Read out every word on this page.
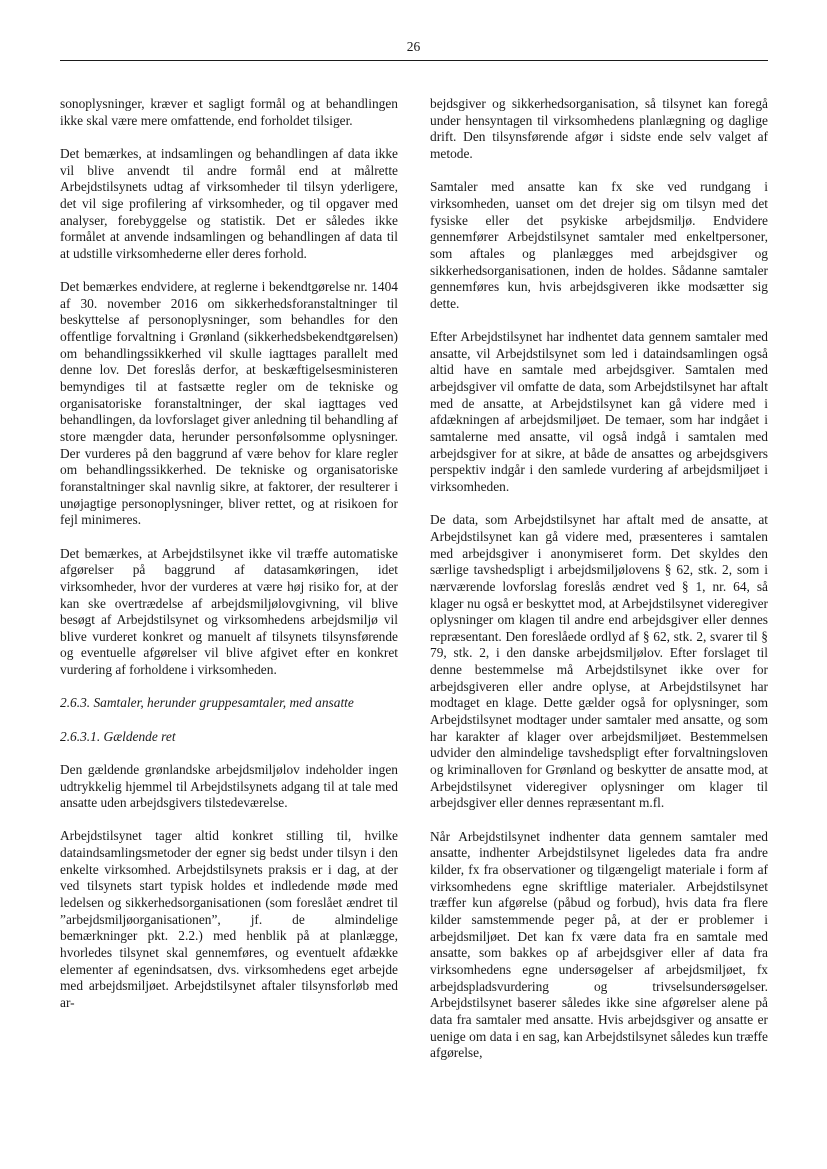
26

sonoplysninger, kræver et sagligt formål og at behandlingen ikke skal være mere omfattende, end forholdet tilsiger.

Det bemærkes, at indsamlingen og behandlingen af data ikke vil blive anvendt til andre formål end at målrette Arbejdstilsynets udtag af virksomheder til tilsyn yderligere, det vil sige profilering af virksomheder, og til opgaver med analyser, forebyggelse og statistik. Det er således ikke formålet at anvende indsamlingen og behandlingen af data til at udstille virksomhederne eller deres forhold.

Det bemærkes endvidere, at reglerne i bekendtgørelse nr. 1404 af 30. november 2016 om sikkerhedsforanstaltninger til beskyttelse af personoplysninger, som behandles for den offentlige forvaltning i Grønland (sikkerhedsbekendtgørelsen) om behandlingssikkerhed vil skulle iagttages parallelt med denne lov. Det foreslås derfor, at beskæftigelsesministeren bemyndiges til at fastsætte regler om de tekniske og organisatoriske foranstaltninger, der skal iagttages ved behandlingen, da lovforslaget giver anledning til behandling af store mængder data, herunder personfølsomme oplysninger. Der vurderes på den baggrund af være behov for klare regler om behandlingssikkerhed. De tekniske og organisatoriske foranstaltninger skal navnlig sikre, at faktorer, der resulterer i unøjagtige personoplysninger, bliver rettet, og at risikoen for fejl minimeres.

Det bemærkes, at Arbejdstilsynet ikke vil træffe automatiske afgørelser på baggrund af datasamkøringen, idet virksomheder, hvor der vurderes at være høj risiko for, at der kan ske overtrædelse af arbejdsmiljølovgivning, vil blive besøgt af Arbejdstilsynet og virksomhedens arbejdsmiljø vil blive vurderet konkret og manuelt af tilsynets tilsynsførende og eventuelle afgørelser vil blive afgivet efter en konkret vurdering af forholdene i virksomheden.

2.6.3. Samtaler, herunder gruppesamtaler, med ansatte

2.6.3.1. Gældende ret

Den gældende grønlandske arbejdsmiljølov indeholder ingen udtrykkelig hjemmel til Arbejdstilsynets adgang til at tale med ansatte uden arbejdsgivers tilstedeværelse.

Arbejdstilsynet tager altid konkret stilling til, hvilke dataindsamlingsmetoder der egner sig bedst under tilsyn i den enkelte virksomhed. Arbejdstilsynets praksis er i dag, at der ved tilsynets start typisk holdes et indledende møde med ledelsen og sikkerhedsorganisationen (som foreslået ændret til ”arbejdsmiljøorganisationen”, jf. de almindelige bemærkninger pkt. 2.2.) med henblik på at planlægge, hvorledes tilsynet skal gennemføres, og eventuelt afdække elementer af egenindsatsen, dvs. virksomhedens eget arbejde med arbejdsmiljøet. Arbejdstilsynet aftaler tilsynsforløb med ar-

bejdsgiver og sikkerhedsorganisation, så tilsynet kan foregå under hensyntagen til virksomhedens planlægning og daglige drift. Den tilsynsførende afgør i sidste ende selv valget af metode.

Samtaler med ansatte kan fx ske ved rundgang i virksomheden, uanset om det drejer sig om tilsyn med det fysiske eller det psykiske arbejdsmiljø. Endvidere gennemfører Arbejdstilsynet samtaler med enkeltpersoner, som aftales og planlægges med arbejdsgiver og sikkerhedsorganisationen, inden de holdes. Sådanne samtaler gennemføres kun, hvis arbejdsgiveren ikke modsætter sig dette.

Efter Arbejdstilsynet har indhentet data gennem samtaler med ansatte, vil Arbejdstilsynet som led i dataindsamlingen også altid have en samtale med arbejdsgiver. Samtalen med arbejdsgiver vil omfatte de data, som Arbejdstilsynet har aftalt med de ansatte, at Arbejdstilsynet kan gå videre med i afdækningen af arbejdsmiljøet. De temaer, som har indgået i samtalerne med ansatte, vil også indgå i samtalen med arbejdsgiver for at sikre, at både de ansattes og arbejdsgivers perspektiv indgår i den samlede vurdering af arbejdsmiljøet i virksomheden.

De data, som Arbejdstilsynet har aftalt med de ansatte, at Arbejdstilsynet kan gå videre med, præsenteres i samtalen med arbejdsgiver i anonymiseret form. Det skyldes den særlige tavshedspligt i arbejdsmiljølovens § 62, stk. 2, som i nærværende lovforslag foreslås ændret ved § 1, nr. 64, så klager nu også er beskyttet mod, at Arbejdstilsynet videregiver oplysninger om klagen til andre end arbejdsgiver eller dennes repræsentant. Den foreslåede ordlyd af § 62, stk. 2, svarer til § 79, stk. 2, i den danske arbejdsmiljølov. Efter forslaget til denne bestemmelse må Arbejdstilsynet ikke over for arbejdsgiveren eller andre oplyse, at Arbejdstilsynet har modtaget en klage. Dette gælder også for oplysninger, som Arbejdstilsynet modtager under samtaler med ansatte, og som har karakter af klager over arbejdsmiljøet. Bestemmelsen udvider den almindelige tavshedspligt efter forvaltningsloven og kriminalloven for Grønland og beskytter de ansatte mod, at Arbejdstilsynet videregiver oplysninger om klager til arbejdsgiver eller dennes repræsentant m.fl.

Når Arbejdstilsynet indhenter data gennem samtaler med ansatte, indhenter Arbejdstilsynet ligeledes data fra andre kilder, fx fra observationer og tilgængeligt materiale i form af virksomhedens egne skriftlige materialer. Arbejdstilsynet træffer kun afgørelse (påbud og forbud), hvis data fra flere kilder samstemmende peger på, at der er problemer i arbejdsmiljøet. Det kan fx være data fra en samtale med ansatte, som bakkes op af arbejdsgiver eller af data fra virksomhedens egne undersøgelser af arbejdsmiljøet, fx arbejdspladsvurdering og trivselsundersøgelser. Arbejdstilsynet baserer således ikke sine afgørelser alene på data fra samtaler med ansatte. Hvis arbejdsgiver og ansatte er uenige om data i en sag, kan Arbejdstilsynet således kun træffe afgørelse,
